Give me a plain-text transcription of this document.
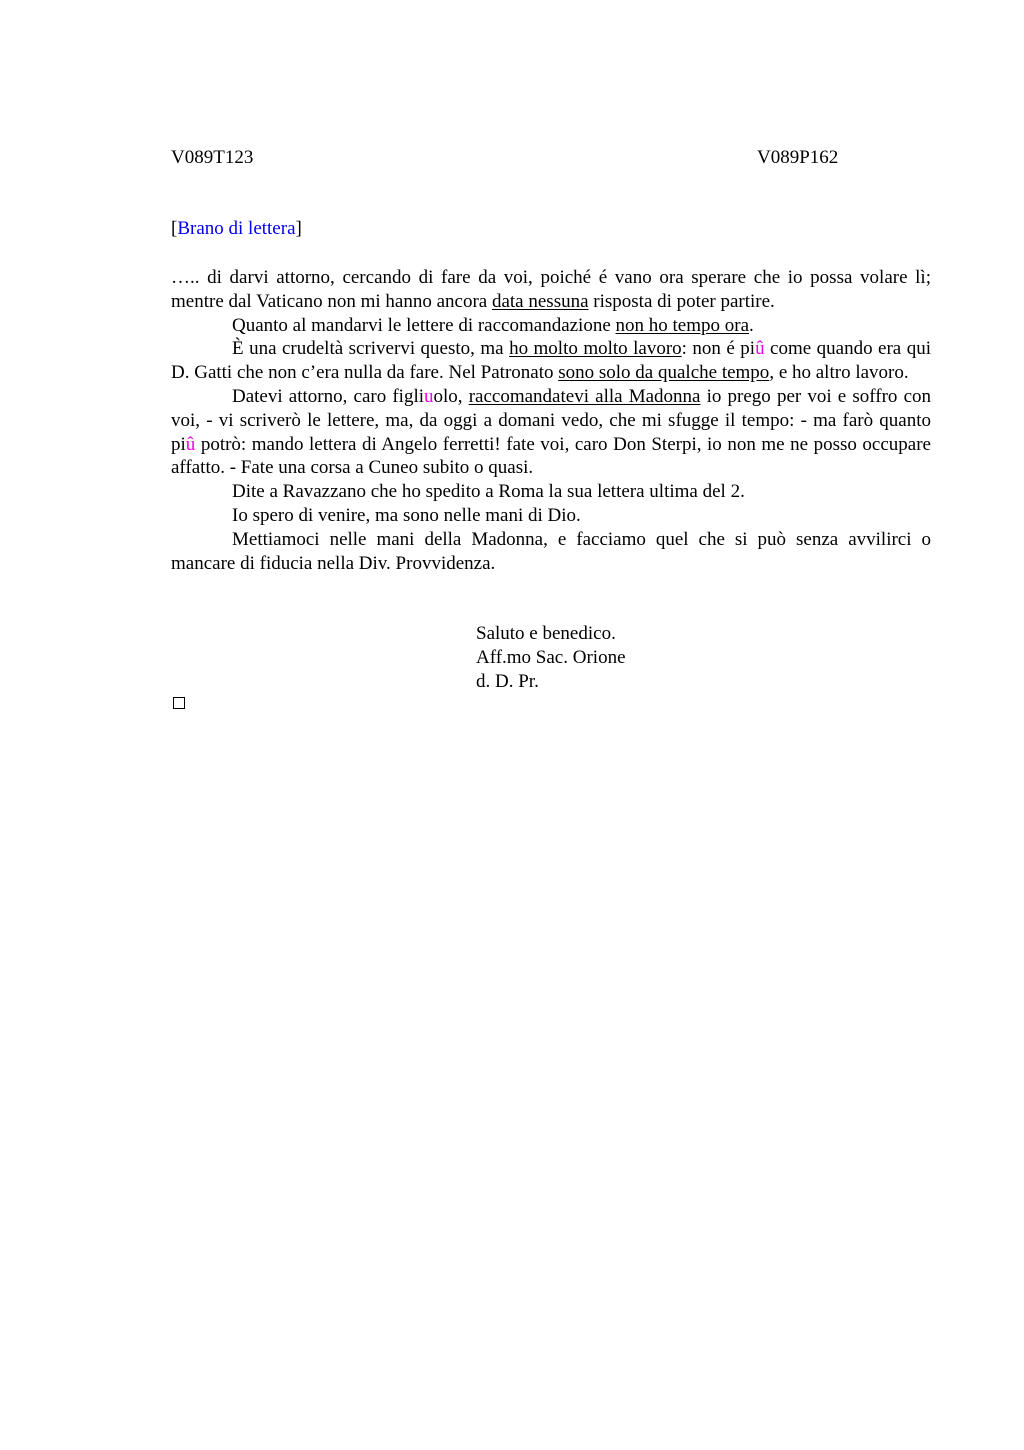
V089T123	V089P162
[Brano di lettera]

….. di darvi attorno, cercando di fare da voi, poiché é vano ora sperare che io possa volare lì; mentre dal Vaticano non mi hanno ancora data nessuna risposta di poter partire.

Quanto al mandarvi le lettere di raccomandazione non ho tempo ora.

È una crudeltà scrivervi questo, ma ho molto molto lavoro: non é piû come quando era qui D. Gatti che non c’era nulla da fare. Nel Patronato sono solo da qualche tempo, e ho altro lavoro.

Datevi attorno, caro figliuolo, raccomandatevi alla Madonna io prego per voi e soffro con voi, - vi scriverò le lettere, ma, da oggi a domani vedo, che mi sfugge il tempo: - ma farò quanto piû potrò: mando lettera di Angelo ferretti! fate voi, caro Don Sterpi, io non me ne posso occupare affatto. - Fate una corsa a Cuneo subito o quasi.

Dite a Ravazzano che ho spedito a Roma la sua lettera ultima del 2.

Io spero di venire, ma sono nelle mani di Dio.

Mettiamoci nelle mani della Madonna, e facciamo quel che si può senza avvilirci o mancare di fiducia nella Div. Provvidenza.

Saluto e benedico.
Aff.mo Sac. Orione
d. D. Pr.
